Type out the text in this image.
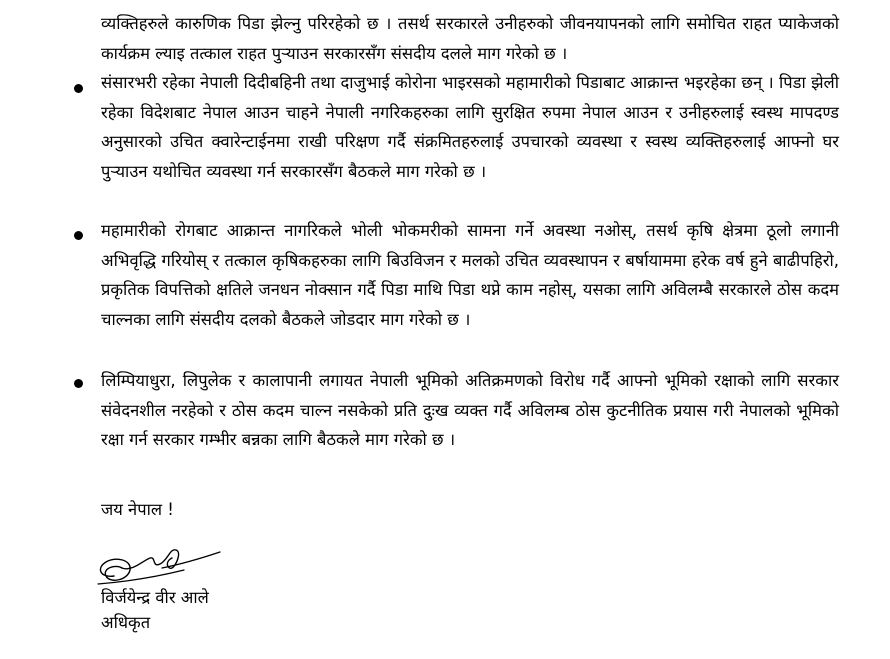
व्यक्तिहरुले कारुणिक पिडा झेल्नु परिरहेको छ । तसर्थ सरकारले उनीहरुको जीवनयापनको लागि समोचित राहत प्याकेजको कार्यक्रम ल्याइ तत्काल राहत पुऱ्याउन सरकारसँग संसदीय दलले माग गरेको छ ।

संसारभरी रहेका नेपाली दिदीबहिनी तथा दाजुभाई कोरोना भाइरसको महामारीको पिडाबाट आक्रान्त भइरहेका छन् । पिडा झेली रहेका विदेशबाट नेपाल आउन चाहने नेपाली नगरिकहरुका लागि सुरक्षित रुपमा नेपाल आउन र उनीहरुलाई स्वस्थ मापदण्ड अनुसारको उचित क्वारेन्टाईनमा राखी परिक्षण गर्दै संक्रमितहरुलाई उपचारको व्यवस्था र स्वस्थ व्यक्तिहरुलाई आफ्नो घर पुऱ्याउन यथोचित व्यवस्था गर्न सरकारसँग बैठकले माग गरेको छ ।

महामारीको रोगबाट आक्रान्त नागरिकले भोली भोकमरीको सामना गर्ने अवस्था नओस्, तसर्थ कृषि क्षेत्रमा ठूलो लगानी अभिवृद्धि गरियोस् र तत्काल कृषिकहरुका लागि बिउविजन र मलको उचित व्यवस्थापन र बर्षायाममा हरेक वर्ष हुने बाढीपहिरो, प्रकृतिक विपत्तिको क्षतिले जनधन नोक्सान गर्दै पिडा माथि पिडा थप्ने काम नहोस्, यसका लागि अविलम्बै सरकारले ठोस कदम चाल्नका लागि संसदीय दलको बैठकले जोडदार माग गरेको छ ।

लिम्पियाधुरा, लिपुलेक र कालापानी लगायत नेपाली भूमिको अतिक्रमणको विरोध गर्दै आफ्नो भूमिको रक्षाको लागि सरकार संवेदनशील नरहेको र ठोस कदम चाल्न नसकेको प्रति दुःख व्यक्त गर्दै अविलम्ब ठोस कुटनीतिक प्रयास गरी नेपालको भूमिको रक्षा गर्न सरकार गम्भीर बन्नका लागि बैठकले माग गरेको छ ।

जय नेपाल !

विर्जयेन्द्र वीर आले

अधिकृत
